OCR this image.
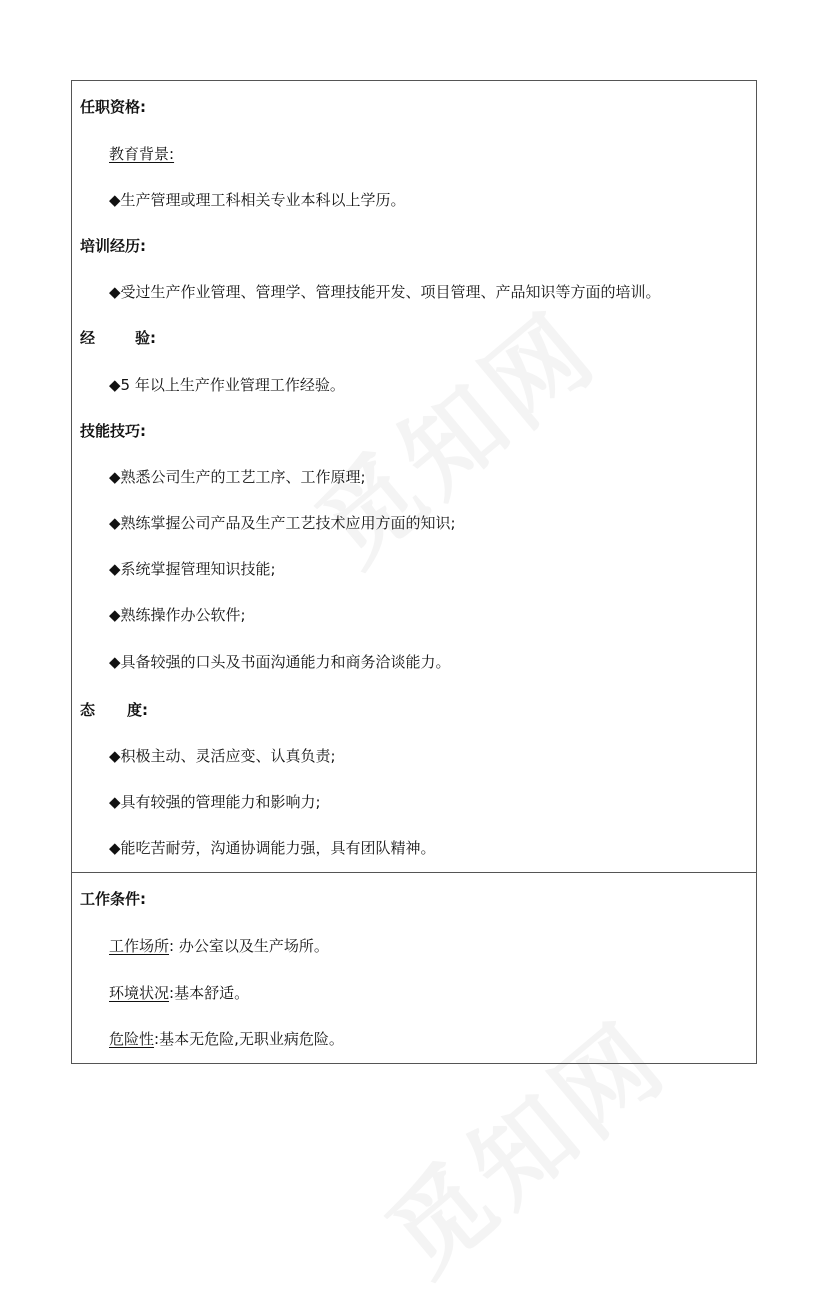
任职资格:
教育背景:
◆生产管理或理工科相关专业本科以上学历。
培训经历:
◆受过生产作业管理、管理学、管理技能开发、项目管理、产品知识等方面的培训。
经	验:
◆5 年以上生产作业管理工作经验。
技能技巧:
◆熟悉公司生产的工艺工序、工作原理;
◆熟练掌握公司产品及生产工艺技术应用方面的知识;
◆系统掌握管理知识技能;
◆熟练操作办公软件;
◆具备较强的口头及书面沟通能力和商务洽谈能力。
态 度:
◆积极主动、灵活应变、认真负责;
◆具有较强的管理能力和影响力;
◆能吃苦耐劳，沟通协调能力强，具有团队精神。
工作条件:
工作场所: 办公室以及生产场所。
环境状况:基本舒适。
危险性:基本无危险,无职业病危险。
